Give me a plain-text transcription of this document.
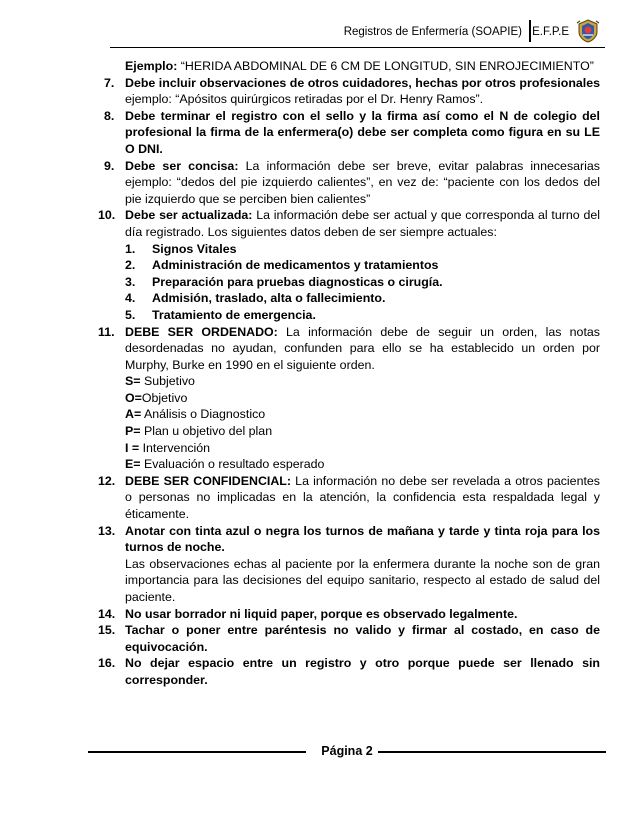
Registros de Enfermería (SOAPIE) E.F.P.E
Ejemplo: “HERIDA ABDOMINAL DE 6 CM DE LONGITUD, SIN ENROJECIMIENTO”
7. Debe incluir observaciones de otros cuidadores, hechas por otros profesionales ejemplo: “Apósitos quirúrgicos retiradas por el Dr. Henry Ramos”.
8. Debe terminar el registro con el sello y la firma así como el N de colegio del profesional la firma de la enfermera(o) debe ser completa como figura en su LE O DNI.
9. Debe ser concisa: La información debe ser breve, evitar palabras innecesarias ejemplo: “dedos del pie izquierdo calientes”, en vez de: “paciente con los dedos del pie izquierdo que se perciben bien calientes”
10. Debe ser actualizada: La información debe ser actual y que corresponda al turno del día registrado. Los siguientes datos deben de ser siempre actuales:
1. Signos Vitales
2. Administración de medicamentos y tratamientos
3. Preparación para pruebas diagnosticas o cirugía.
4. Admisión, traslado, alta o fallecimiento.
5. Tratamiento de emergencia.
11. DEBE SER ORDENADO: La información debe de seguir un orden, las notas desordenadas no ayudan, confunden para ello se ha establecido un orden por Murphy, Burke en 1990 en el siguiente orden.
S= Subjetivo
O=Objetivo
A= Análisis o Diagnostico
P= Plan u objetivo del plan
I = Intervención
E= Evaluación o resultado esperado
12. DEBE SER CONFIDENCIAL: La información no debe ser revelada a otros pacientes o personas no implicadas en la atención, la confidencia esta respaldada legal y éticamente.
13. Anotar con tinta azul o negra los turnos de mañana y tarde y tinta roja para los turnos de noche.
Las observaciones echas al paciente por la enfermera durante la noche son de gran importancia para las decisiones del equipo sanitario, respecto al estado de salud del paciente.
14. No usar borrador ni liquid paper, porque es observado legalmente.
15. Tachar o poner entre paréntesis no valido y firmar al costado, en caso de equivocación.
16. No dejar espacio entre un registro y otro porque puede ser llenado sin corresponder.
Página 2
